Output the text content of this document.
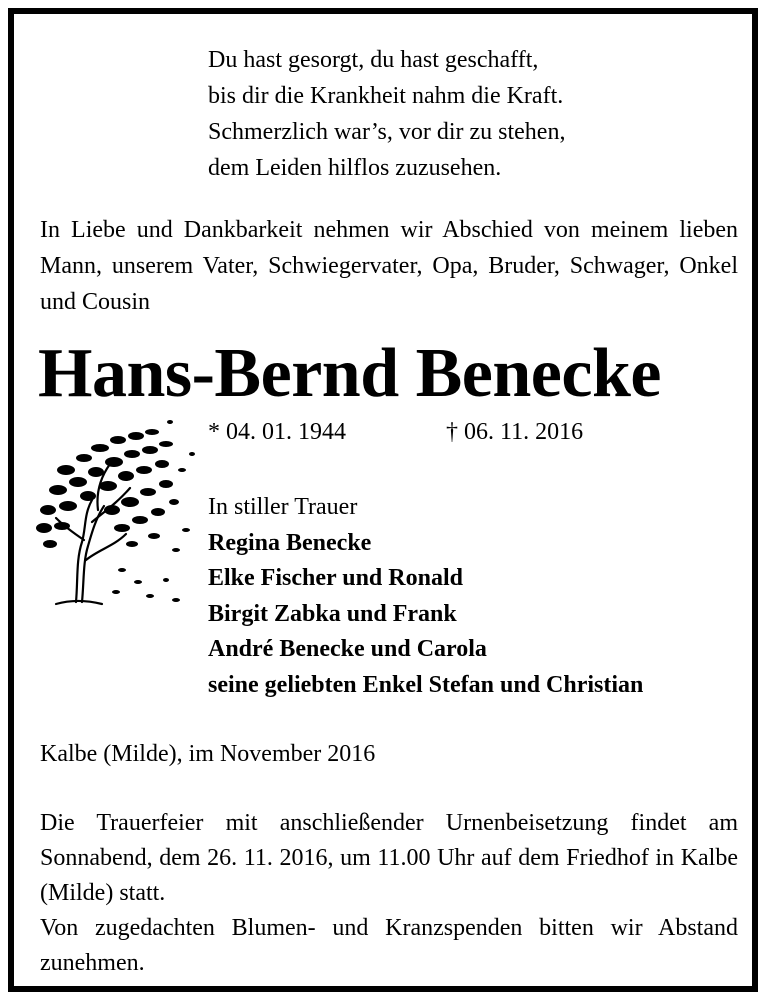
Du hast gesorgt, du hast geschafft,
bis dir die Krankheit nahm die Kraft.
Schmerzlich war’s, vor dir zu stehen,
dem Leiden hilflos zuzusehen.
In Liebe und Dankbarkeit nehmen wir Abschied von meinem lieben Mann, unserem Vater, Schwiegervater, Opa, Bruder, Schwager, Onkel und Cousin
Hans-Bernd Benecke
* 04. 01. 1944	† 06. 11. 2016
In stiller Trauer
Regina Benecke
Elke Fischer und Ronald
Birgit Zabka und Frank
André Benecke und Carola
seine geliebten Enkel Stefan und Christian
Kalbe (Milde), im November 2016
Die Trauerfeier mit anschließender Urnenbeisetzung findet am Sonnabend, dem 26. 11. 2016, um 11.00 Uhr auf dem Friedhof in Kalbe (Milde) statt.
Von zugedachten Blumen- und Kranzspenden bitten wir Abstand zunehmen.
